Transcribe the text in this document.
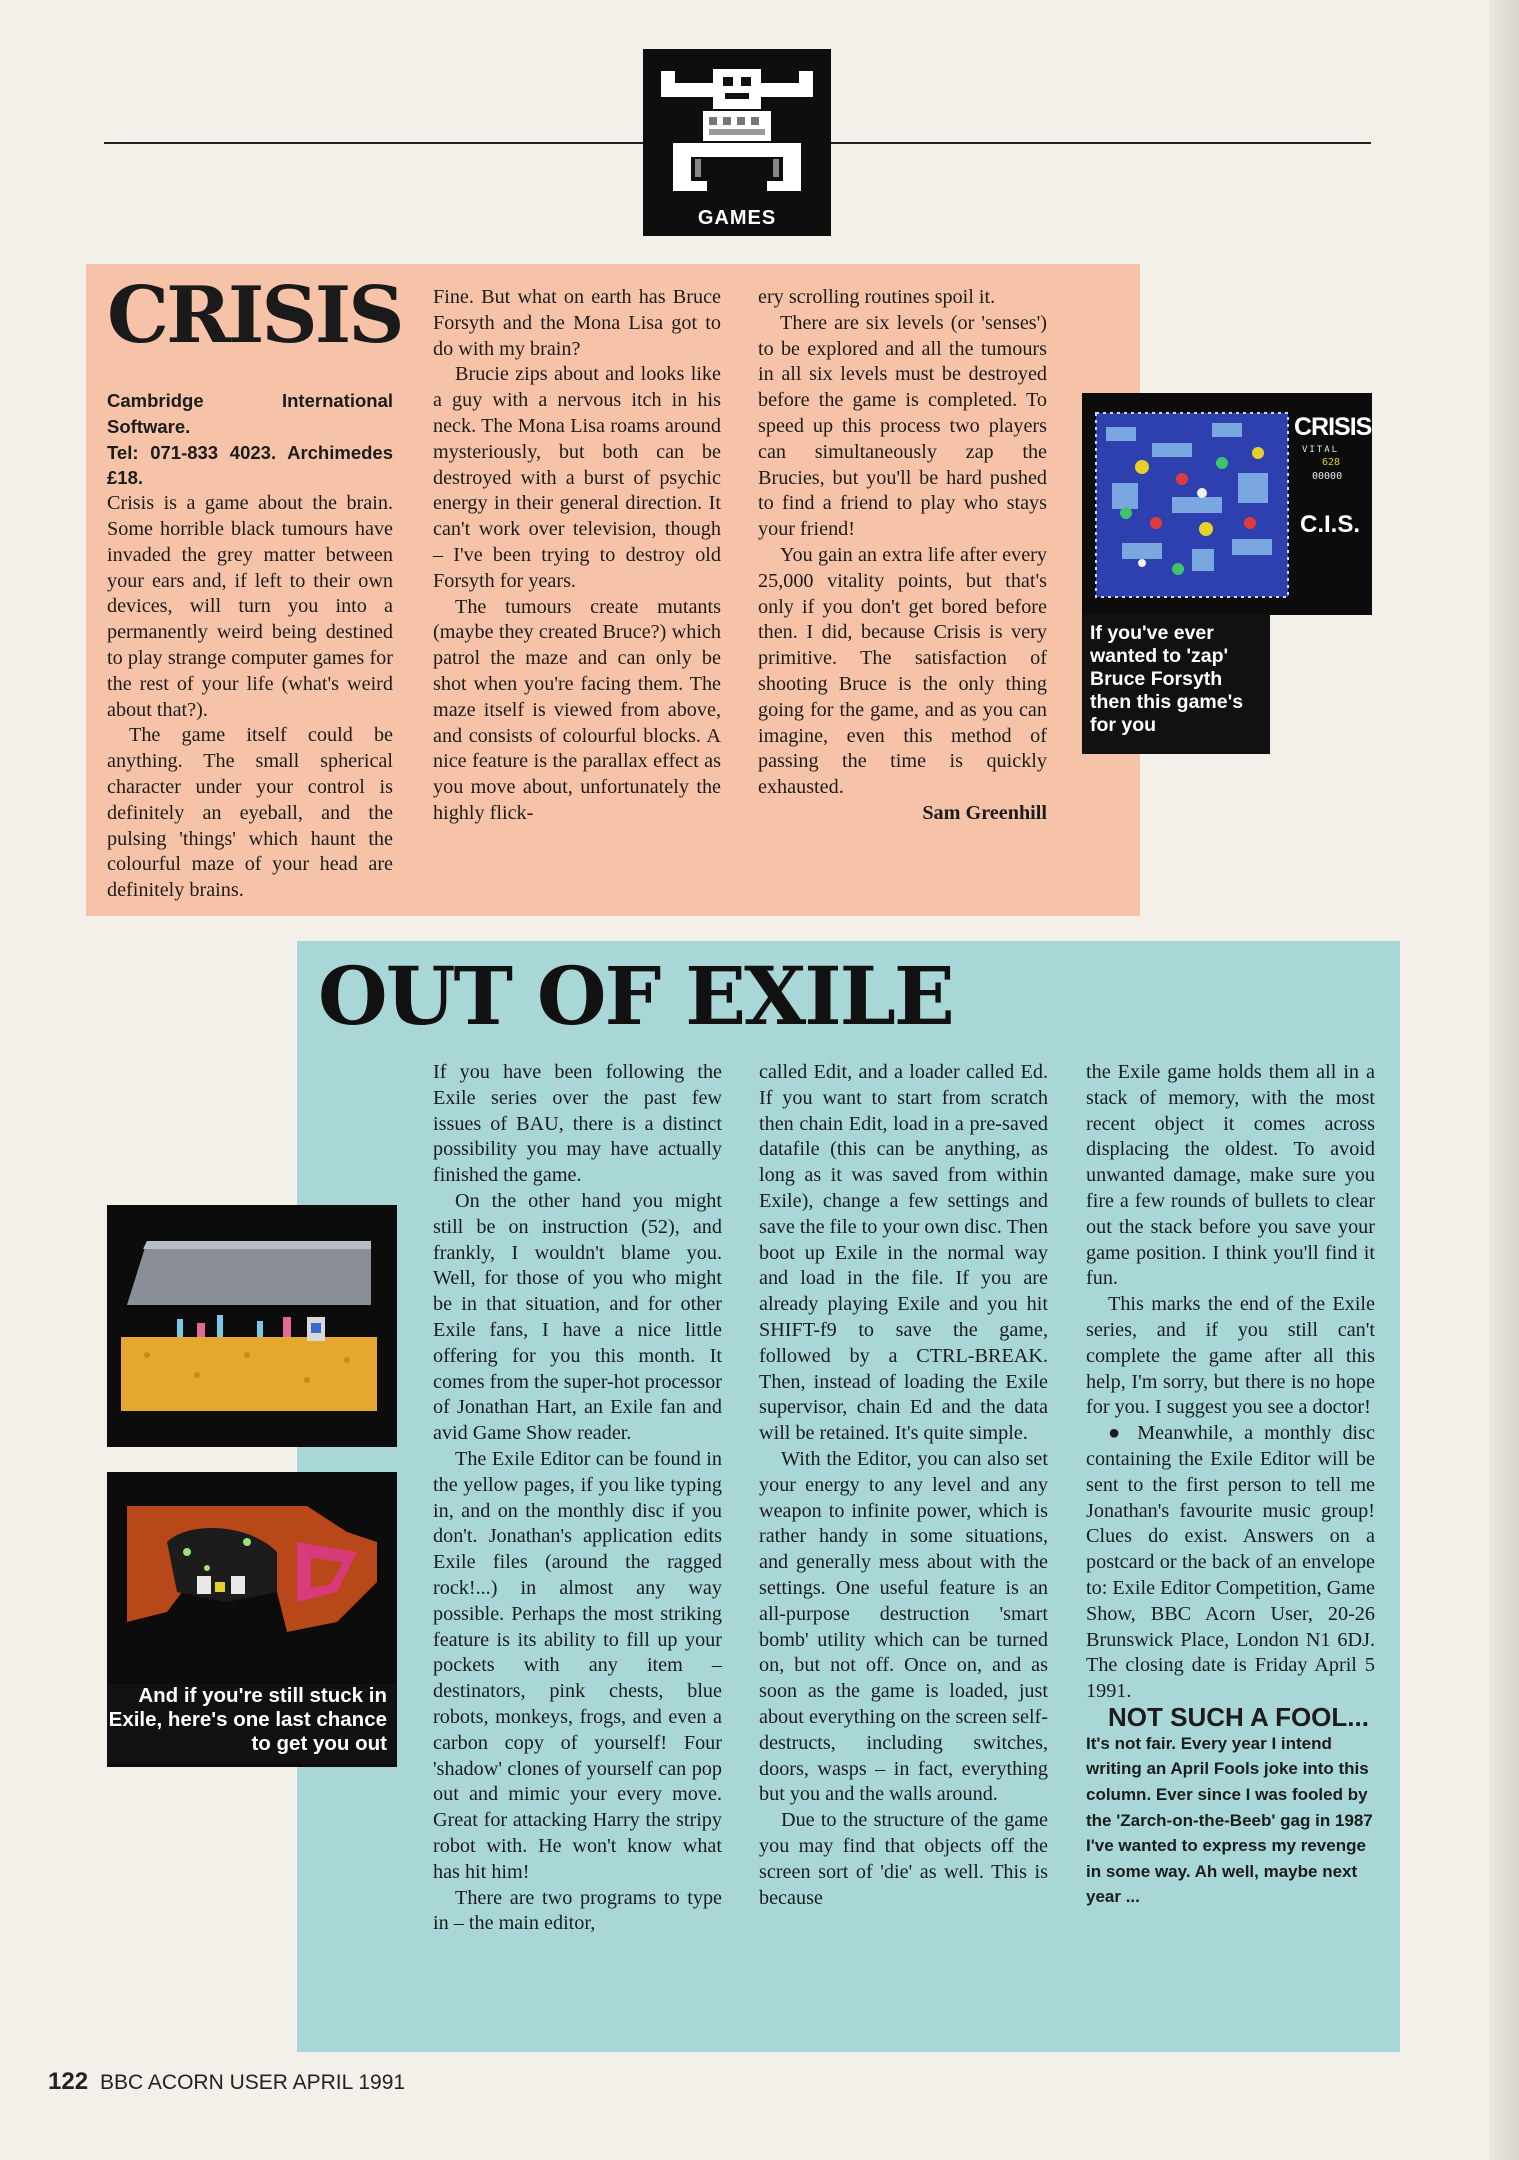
GAMES
CRISIS

Cambridge International Software.

Tel: 071-833 4023. Archimedes £18.

Crisis is a game about the brain. Some horrible black tumours have invaded the grey matter between your ears and, if left to their own devices, will turn you into a permanently weird being destined to play strange computer games for the rest of your life (what's weird about that?).

The game itself could be anything. The small spherical character under your control is definitely an eyeball, and the pulsing 'things' which haunt the colourful maze of your head are definitely brains.

Fine. But what on earth has Bruce Forsyth and the Mona Lisa got to do with my brain?

Brucie zips about and looks like a guy with a nervous itch in his neck. The Mona Lisa roams around mysteriously, but both can be destroyed with a burst of psychic energy in their general direction. It can't work over television, though – I've been trying to destroy old Forsyth for years.

The tumours create mutants (maybe they created Bruce?) which patrol the maze and can only be shot when you're facing them. The maze itself is viewed from above, and consists of colourful blocks. A nice feature is the parallax effect as you move about, unfortunately the highly flick-

ery scrolling routines spoil it.

There are six levels (or 'senses') to be explored and all the tumours in all six levels must be destroyed before the game is completed. To speed up this process two players can simultaneously zap the Brucies, but you'll be hard pushed to find a friend to play who stays your friend!

You gain an extra life after every 25,000 vitality points, but that's only if you don't get bored before then. I did, because Crisis is very primitive. The satisfaction of shooting Bruce is the only thing going for the game, and as you can imagine, even this method of passing the time is quickly exhausted.

Sam Greenhill

CRISIS
VITAL
628
00000
C.I.S.
If you've ever wanted to 'zap' Bruce Forsyth then this game's for you
OUT OF EXILE
And if you're still stuck in Exile, here's one last chance to get you out

If you have been following the Exile series over the past few issues of BAU, there is a distinct possibility you may have actually finished the game.

On the other hand you might still be on instruction (52), and frankly, I wouldn't blame you. Well, for those of you who might be in that situation, and for other Exile fans, I have a nice little offering for you this month. It comes from the super-hot processor of Jonathan Hart, an Exile fan and avid Game Show reader.

The Exile Editor can be found in the yellow pages, if you like typing in, and on the monthly disc if you don't. Jonathan's application edits Exile files (around the ragged rock!...) in almost any way possible. Perhaps the most striking feature is its ability to fill up your pockets with any item – destinators, pink chests, blue robots, monkeys, frogs, and even a carbon copy of yourself! Four 'shadow' clones of yourself can pop out and mimic your every move. Great for attacking Harry the stripy robot with. He won't know what has hit him!

There are two programs to type in – the main editor,

called Edit, and a loader called Ed. If you want to start from scratch then chain Edit, load in a pre-saved datafile (this can be anything, as long as it was saved from within Exile), change a few settings and save the file to your own disc. Then boot up Exile in the normal way and load in the file. If you are already playing Exile and you hit SHIFT-f9 to save the game, followed by a CTRL-BREAK. Then, instead of loading the Exile supervisor, chain Ed and the data will be retained. It's quite simple.

With the Editor, you can also set your energy to any level and any weapon to infinite power, which is rather handy in some situations, and generally mess about with the settings. One useful feature is an all-purpose destruction 'smart bomb' utility which can be turned on, but not off. Once on, and as soon as the game is loaded, just about everything on the screen self-destructs, including switches, doors, wasps – in fact, everything but you and the walls around.

Due to the structure of the game you may find that objects off the screen sort of 'die' as well. This is because

the Exile game holds them all in a stack of memory, with the most recent object it comes across displacing the oldest. To avoid unwanted damage, make sure you fire a few rounds of bullets to clear out the stack before you save your game position. I think you'll find it fun.

This marks the end of the Exile series, and if you still can't complete the game after all this help, I'm sorry, but there is no hope for you. I suggest you see a doctor!

● Meanwhile, a monthly disc containing the Exile Editor will be sent to the first person to tell me Jonathan's favourite music group! Clues do exist. Answers on a postcard or the back of an envelope to: Exile Editor Competition, Game Show, BBC Acorn User, 20-26 Brunswick Place, London N1 6DJ. The closing date is Friday April 5 1991.

NOT SUCH A FOOL...

It's not fair. Every year I intend writing an April Fools joke into this column. Ever since I was fooled by the 'Zarch-on-the-Beeb' gag in 1987 I've wanted to express my revenge in some way. Ah well, maybe next year ...

122 BBC ACORN USER APRIL 1991
